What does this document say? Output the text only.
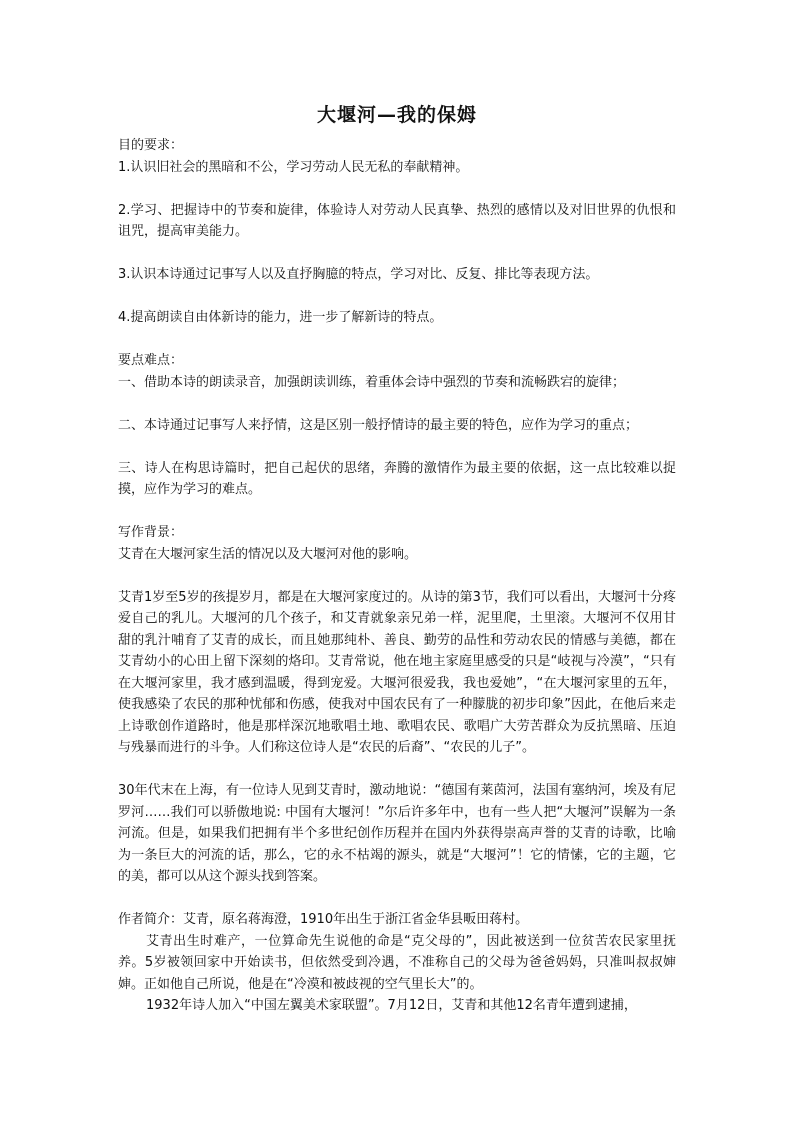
大堰河—我的保姆

目的要求：

1.认识旧社会的黑暗和不公，学习劳动人民无私的奉献精神。

2.学习、把握诗中的节奏和旋律，体验诗人对劳动人民真挚、热烈的感情以及对旧世界的仇恨和诅咒，提高审美能力。

3.认识本诗通过记事写人以及直抒胸臆的特点，学习对比、反复、排比等表现方法。

4.提高朗读自由体新诗的能力，进一步了解新诗的特点。

要点难点：

一、借助本诗的朗读录音，加强朗读训练，着重体会诗中强烈的节奏和流畅跌宕的旋律；

二、本诗通过记事写人来抒情，这是区别一般抒情诗的最主要的特色，应作为学习的重点；

三、诗人在构思诗篇时，把自己起伏的思绪，奔腾的激情作为最主要的依据，这一点比较难以捉摸，应作为学习的难点。

写作背景：

艾青在大堰河家生活的情况以及大堰河对他的影响。

艾青1岁至5岁的孩提岁月，都是在大堰河家度过的。从诗的第3节，我们可以看出，大堰河十分疼爱自己的乳儿。大堰河的几个孩子，和艾青就象亲兄弟一样，泥里爬，土里滚。大堰河不仅用甘甜的乳汁哺育了艾青的成长，而且她那纯朴、善良、勤劳的品性和劳动农民的情感与美德，都在艾青幼小的心田上留下深刻的烙印。艾青常说，他在地主家庭里感受的只是“岐视与冷漠”，“只有在大堰河家里，我才感到温暖，得到宠爱。大堰河很爱我，我也爱她”，“在大堰河家里的五年，使我感染了农民的那种忧郁和伤感，使我对中国农民有了一种朦胧的初步印象”因此，在他后来走上诗歌创作道路时，他是那样深沉地歌唱土地、歌唱农民、歌唱广大劳苦群众为反抗黑暗、压迫与残暴而进行的斗争。人们称这位诗人是“农民的后裔”、“农民的儿子”。

30年代末在上海，有一位诗人见到艾青时，激动地说：“德国有莱茵河，法国有塞纳河，埃及有尼罗河……我们可以骄傲地说: 中国有大堰河！”尔后许多年中，也有一些人把“大堰河”误解为一条河流。但是，如果我们把拥有半个多世纪创作历程并在国内外获得崇高声誉的艾青的诗歌，比喻为一条巨大的河流的话，那么，它的永不枯竭的源头，就是“大堰河”！它的情愫，它的主题，它的美，都可以从这个源头找到答案。

作者简介：艾青，原名蒋海澄，1910年出生于浙江省金华县畈田蒋村。

艾青出生时难产，一位算命先生说他的命是“克父母的”，因此被送到一位贫苦农民家里抚养。5岁被领回家中开始读书，但依然受到冷遇，不准称自己的父母为爸爸妈妈，只准叫叔叔婶婶。正如他自己所说，他是在“冷漠和被歧视的空气里长大”的。

1932年诗人加入“中国左翼美术家联盟”。7月12日，艾青和其他12名青年遭到逮捕，
